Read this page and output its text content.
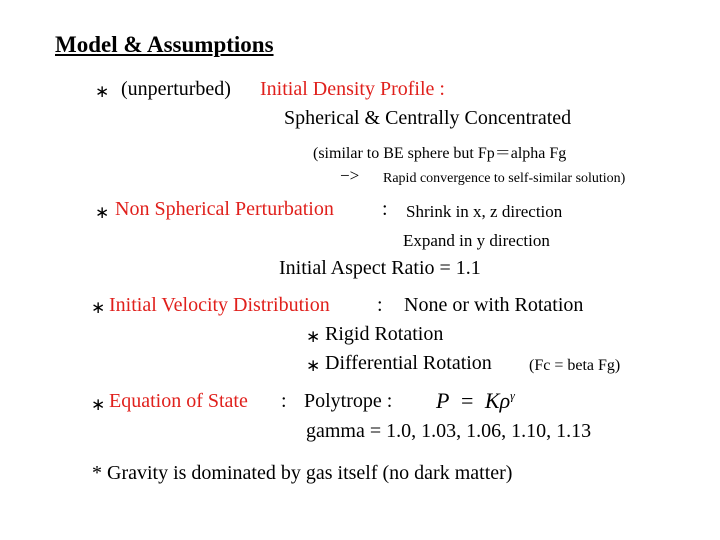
Model & Assumptions
∗ (unperturbed) Initial Density Profile :
Spherical & Centrally Concentrated
(similar to BE sphere but Fp＝alpha Fg
−> Rapid convergence to self-similar solution)
∗ Non Spherical Perturbation : Shrink in x, z direction
Expand in y direction
Initial Aspect Ratio = 1.1
∗ Initial Velocity Distribution : None or with Rotation
∗ Rigid Rotation
∗ Differential Rotation (Fc = beta Fg)
∗ Equation of State : Polytrope : $P = K\rho^\gamma$
gamma = 1.0, 1.03, 1.06, 1.10, 1.13
* Gravity is dominated by gas itself (no dark matter)
